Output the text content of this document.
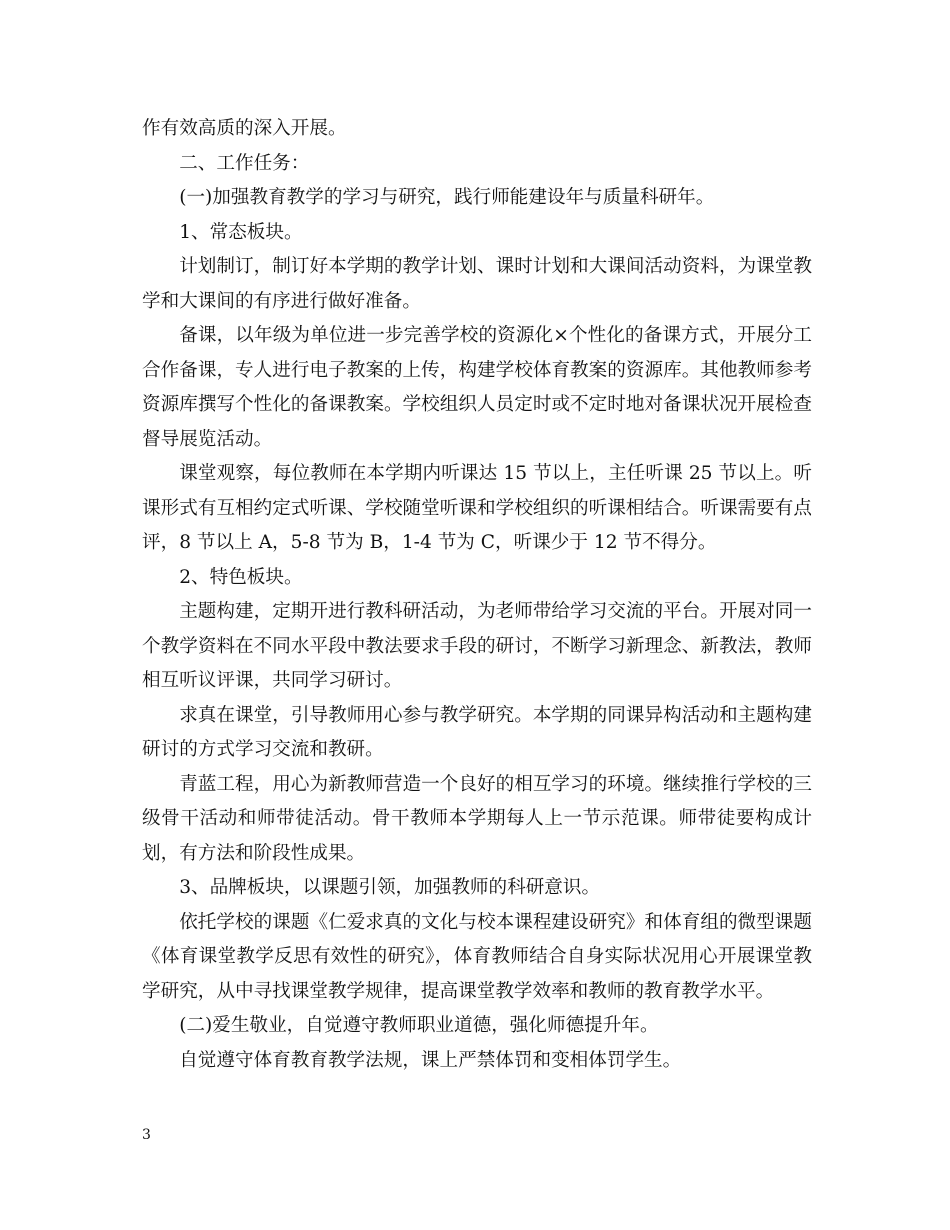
作有效高质的深入开展。

二、工作任务：

(一)加强教育教学的学习与研究，践行师能建设年与质量科研年。

1、常态板块。

计划制订，制订好本学期的教学计划、课时计划和大课间活动资料，为课堂教学和大课间的有序进行做好准备。

备课，以年级为单位进一步完善学校的资源化×个性化的备课方式，开展分工合作备课，专人进行电子教案的上传，构建学校体育教案的资源库。其他教师参考资源库撰写个性化的备课教案。学校组织人员定时或不定时地对备课状况开展检查督导展览活动。

课堂观察，每位教师在本学期内听课达 15 节以上，主任听课 25 节以上。听课形式有互相约定式听课、学校随堂听课和学校组织的听课相结合。听课需要有点评，8 节以上 A，5-8 节为 B，1-4 节为 C，听课少于 12 节不得分。

2、特色板块。

主题构建，定期开进行教科研活动，为老师带给学习交流的平台。开展对同一个教学资料在不同水平段中教法要求手段的研讨，不断学习新理念、新教法，教师相互听议评课，共同学习研讨。

求真在课堂，引导教师用心参与教学研究。本学期的同课异构活动和主题构建研讨的方式学习交流和教研。

青蓝工程，用心为新教师营造一个良好的相互学习的环境。继续推行学校的三级骨干活动和师带徒活动。骨干教师本学期每人上一节示范课。师带徒要构成计划，有方法和阶段性成果。

3、品牌板块，以课题引领，加强教师的科研意识。

依托学校的课题《仁爱求真的文化与校本课程建设研究》和体育组的微型课题《体育课堂教学反思有效性的研究》，体育教师结合自身实际状况用心开展课堂教学研究，从中寻找课堂教学规律，提高课堂教学效率和教师的教育教学水平。

(二)爱生敬业，自觉遵守教师职业道德，强化师德提升年。

自觉遵守体育教育教学法规，课上严禁体罚和变相体罚学生。

3
